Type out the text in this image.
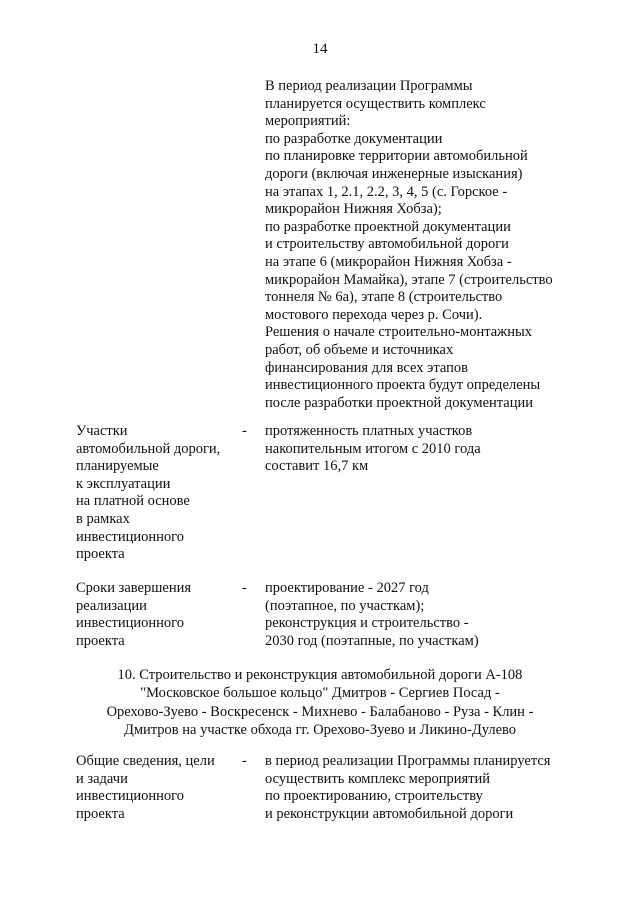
14
В период реализации Программы
планируется осуществить комплекс
мероприятий:
по разработке документации
по планировке территории автомобильной
дороги (включая инженерные изыскания)
на этапах 1, 2.1, 2.2, 3, 4, 5 (с. Горское -
микрорайон Нижняя Хобза);
по разработке проектной документации
и строительству автомобильной дороги
на этапе 6 (микрорайон Нижняя Хобза -
микрорайон Мамайка), этапе 7 (строительство
тоннеля № 6а), этапе 8 (строительство
мостового перехода через р. Сочи).
Решения о начале строительно-монтажных
работ, об объеме и источниках
финансирования для всех этапов
инвестиционного проекта будут определены
после разработки проектной документации
Участки
автомобильной дороги,
планируемые
к эксплуатации
на платной основе
в рамках
инвестиционного
проекта
- протяженность платных участков
накопительным итогом с 2010 года
составит 16,7 км
Сроки завершения
реализации
инвестиционного
проекта
- проектирование - 2027 год
(поэтапное, по участкам);
реконструкция и строительство -
2030 год (поэтапные, по участкам)
10. Строительство и реконструкция автомобильной дороги А-108
"Московское большое кольцо" Дмитров - Сергиев Посад -
Орехово-Зуево - Воскресенск - Михнево - Балабаново - Руза - Клин -
Дмитров на участке обхода гг. Орехово-Зуево и Ликино-Дулево
Общие сведения, цели
и задачи
инвестиционного
проекта
- в период реализации Программы планируется
осуществить комплекс мероприятий
по проектированию, строительству
и реконструкции автомобильной дороги
